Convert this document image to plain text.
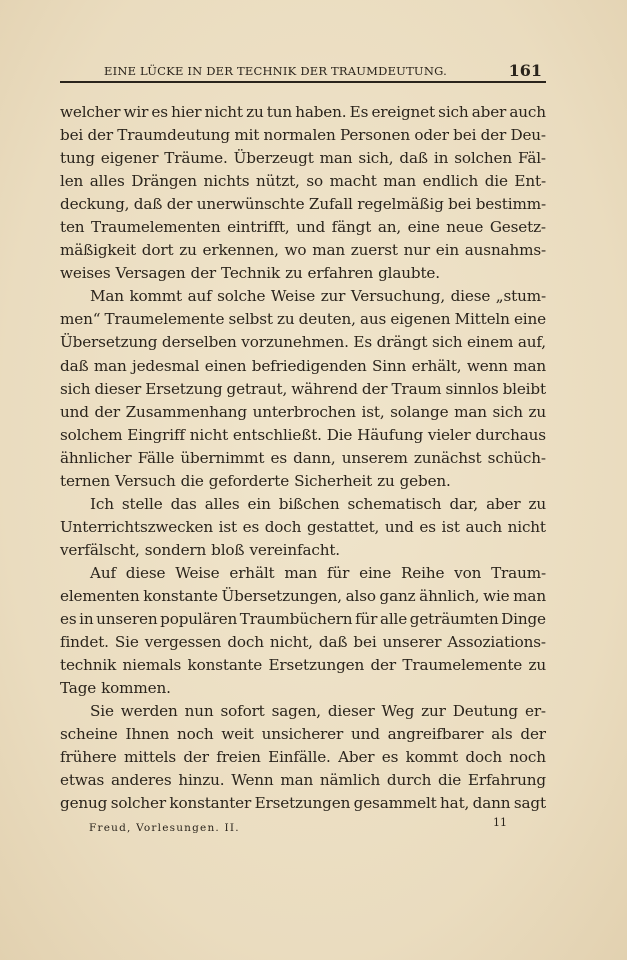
EINE LÜCKE IN DER TECHNIK DER TRAUMDEUTUNG.	161
welcher wir es hier nicht zu tun haben. Es ereignet sich aber auch
bei der Traumdeutung mit normalen Personen oder bei der Deu-
tung eigener Träume. Überzeugt man sich, daß in solchen Fäl-
len alles Drängen nichts nützt, so macht man endlich die Ent-
deckung, daß der unerwünschte Zufall regelmäßig bei bestimm-
ten Traumelementen eintrifft, und fängt an, eine neue Gesetz-
mäßigkeit dort zu erkennen, wo man zuerst nur ein ausnahms-
weises Versagen der Technik zu erfahren glaubte.
Man kommt auf solche Weise zur Versuchung, diese „stum-
men“ Traumelemente selbst zu deuten, aus eigenen Mitteln eine
Übersetzung derselben vorzunehmen. Es drängt sich einem auf,
daß man jedesmal einen befriedigenden Sinn erhält, wenn man
sich dieser Ersetzung getraut, während der Traum sinnlos bleibt
und der Zusammenhang unterbrochen ist, solange man sich zu
solchem Eingriff nicht entschließt. Die Häufung vieler durchaus
ähnlicher Fälle übernimmt es dann, unserem zunächst schüch-
ternen Versuch die geforderte Sicherheit zu geben.
Ich stelle das alles ein bißchen schematisch dar, aber zu
Unterrichtszwecken ist es doch gestattet, und es ist auch nicht
verfälscht, sondern bloß vereinfacht.
Auf diese Weise erhält man für eine Reihe von Traum-
elementen konstante Übersetzungen, also ganz ähnlich, wie man
es in unseren populären Traumbüchern für alle geträumten Dinge
findet. Sie vergessen doch nicht, daß bei unserer Assoziations-
technik niemals konstante Ersetzungen der Traumelemente zu
Tage kommen.
Sie werden nun sofort sagen, dieser Weg zur Deutung er-
scheine Ihnen noch weit unsicherer und angreifbarer als der
frühere mittels der freien Einfälle. Aber es kommt doch noch
etwas anderes hinzu. Wenn man nämlich durch die Erfahrung
genug solcher konstanter Ersetzungen gesammelt hat, dann sagt
Freud, Vorlesungen. II.	11
